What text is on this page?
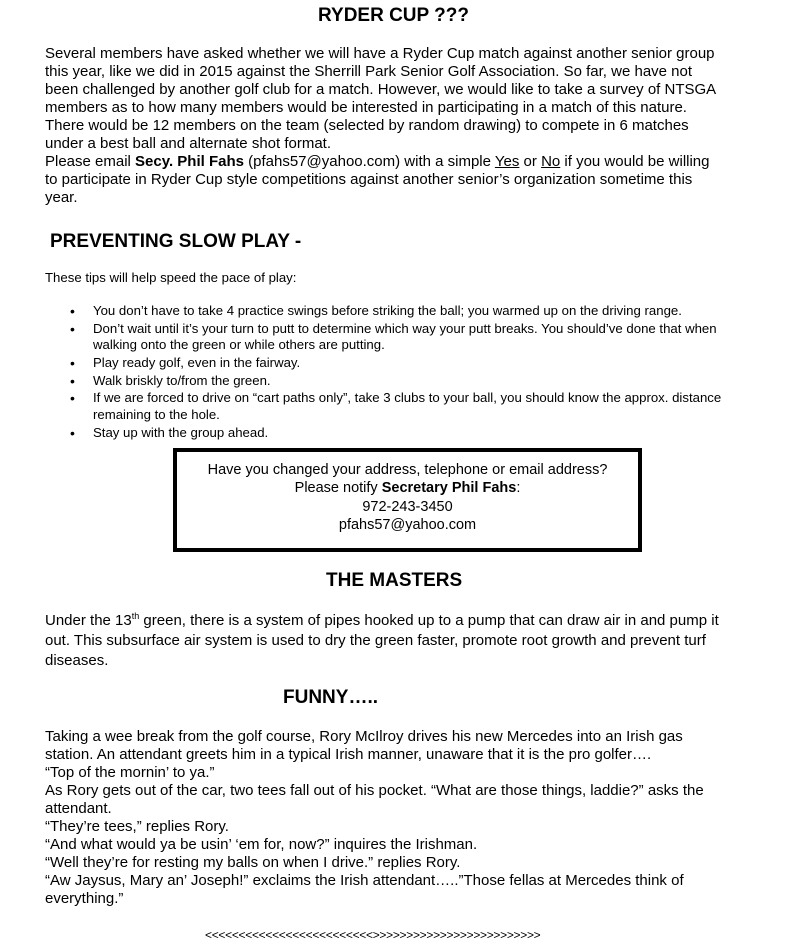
RYDER CUP ???
Several members have asked whether we will have a Ryder Cup match against another senior group
this year, like we did in 2015 against the Sherrill Park Senior Golf Association. So far, we have not
been challenged by another golf club for a match. However, we would like to take a survey of NTSGA
members as to how many members would be interested in participating in a match of this nature.
There would be 12 members on the team (selected by random drawing) to compete in 6 matches
under a best ball and alternate shot format.
Please email Secy. Phil Fahs (pfahs57@yahoo.com) with a simple Yes or No if you would be willing
to participate in Ryder Cup style competitions against another senior’s organization sometime this
year.
PREVENTING SLOW PLAY -
These tips will help speed the pace of play:
• You don’t have to take 4 practice swings before striking the ball; you warmed up on the driving range.
• Don’t wait until it’s your turn to putt to determine which way your putt breaks. You should’ve done that when walking onto the green or while others are putting.
• Play ready golf, even in the fairway.
• Walk briskly to/from the green.
• If we are forced to drive on “cart paths only”, take 3 clubs to your ball, you should know the approx. distance remaining to the hole.
• Stay up with the group ahead.
Have you changed your address, telephone or email address?
Please notify Secretary Phil Fahs:
972-243-3450
pfahs57@yahoo.com
THE MASTERS
Under the 13th green, there is a system of pipes hooked up to a pump that can draw air in and pump it
out. This subsurface air system is used to dry the green faster, promote root growth and prevent turf
diseases.
FUNNY…..
Taking a wee break from the golf course, Rory McIlroy drives his new Mercedes into an Irish gas
station. An attendant greets him in a typical Irish manner, unaware that it is the pro golfer….
“Top of the mornin’ to ya.”
As Rory gets out of the car, two tees fall out of his pocket. “What are those things, laddie?” asks the
attendant.
“They’re tees,” replies Rory.
“And what would ya be usin’ ‘em for, now?” inquires the Irishman.
“Well they’re for resting my balls on when I drive.” replies Rory.
“Aw Jaysus, Mary an’ Joseph!” exclaims the Irish attendant…..”Those fellas at Mercedes think of
everything.”
<<<<<<<<<<<<<<<<<<<<<<<<<>>>>>>>>>>>>>>>>>>>>>>>>>
